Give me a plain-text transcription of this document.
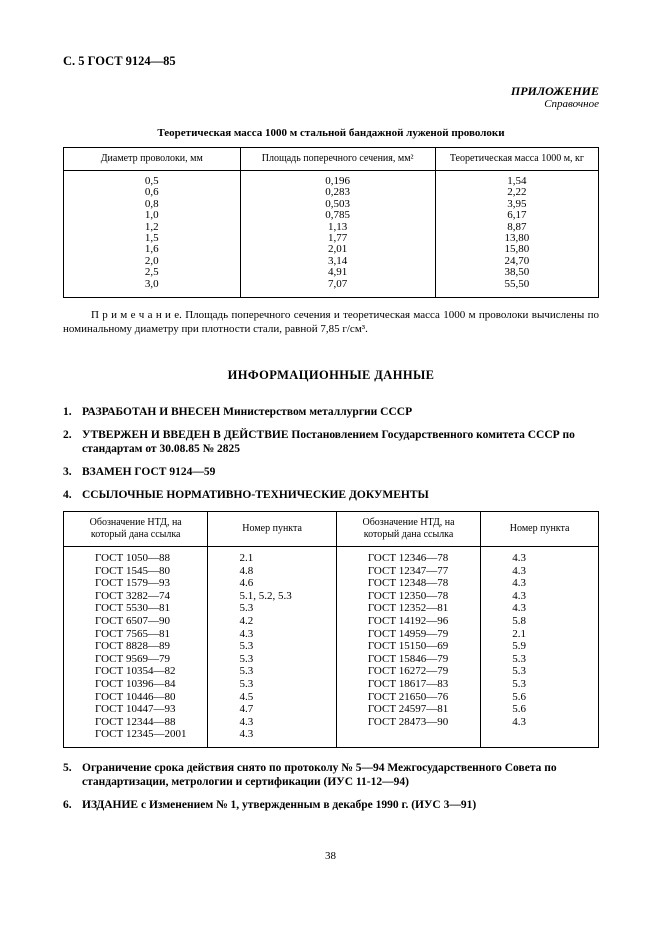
С. 5 ГОСТ 9124—85
ПРИЛОЖЕНИЕ
Справочное
Теоретическая масса 1000 м стальной бандажной луженой проволоки
Диаметр проволоки, мм	Площадь поперечного сечения, мм²	Теоретическая масса 1000 м, кг
0,5	0,196	1,54
0,6	0,283	2,22
0,8	0,503	3,95
1,0	0,785	6,17
1,2	1,13	8,87
1,5	1,77	13,80
1,6	2,01	15,80
2,0	3,14	24,70
2,5	4,91	38,50
3,0	7,07	55,50

П р и м е ч а н и е. Площадь поперечного сечения и теоретическая масса 1000 м проволоки вычислены по номинальному диаметру при плотности стали, равной 7,85 г/см³.

ИНФОРМАЦИОННЫЕ ДАННЫЕ
1. РАЗРАБОТАН И ВНЕСЕН Министерством металлургии СССР
2. УТВЕРЖЕН И ВВЕДЕН В ДЕЙСТВИЕ Постановлением Государственного комитета СССР по стандартам от 30.08.85 № 2825
3. ВЗАМЕН ГОСТ 9124—59
4. ССЫЛОЧНЫЕ НОРМАТИВНО-ТЕХНИЧЕСКИЕ ДОКУМЕНТЫ
Обозначение НТД, на который дана ссылка	Номер пункта	Обозначение НТД, на который дана ссылка	Номер пункта
ГОСТ 1050—88	2.1	ГОСТ 12346—78	4.3
ГОСТ 1545—80	4.8	ГОСТ 12347—77	4.3
ГОСТ 1579—93	4.6	ГОСТ 12348—78	4.3
ГОСТ 3282—74	5.1, 5.2, 5.3	ГОСТ 12350—78	4.3
ГОСТ 5530—81	5.3	ГОСТ 12352—81	4.3
ГОСТ 6507—90	4.2	ГОСТ 14192—96	5.8
ГОСТ 7565—81	4.3	ГОСТ 14959—79	2.1
ГОСТ 8828—89	5.3	ГОСТ 15150—69	5.9
ГОСТ 9569—79	5.3	ГОСТ 15846—79	5.3
ГОСТ 10354—82	5.3	ГОСТ 16272—79	5.3
ГОСТ 10396—84	5.3	ГОСТ 18617—83	5.3
ГОСТ 10446—80	4.5	ГОСТ 21650—76	5.6
ГОСТ 10447—93	4.7	ГОСТ 24597—81	5.6
ГОСТ 12344—88	4.3	ГОСТ 28473—90	4.3
ГОСТ 12345—2001	4.3		
5. Ограничение срока действия снято по протоколу № 5—94 Межгосударственного Совета по стандартизации, метрологии и сертификации (ИУС 11-12—94)
6. ИЗДАНИЕ с Изменением № 1, утвержденным в декабре 1990 г. (ИУС 3—91)
38
